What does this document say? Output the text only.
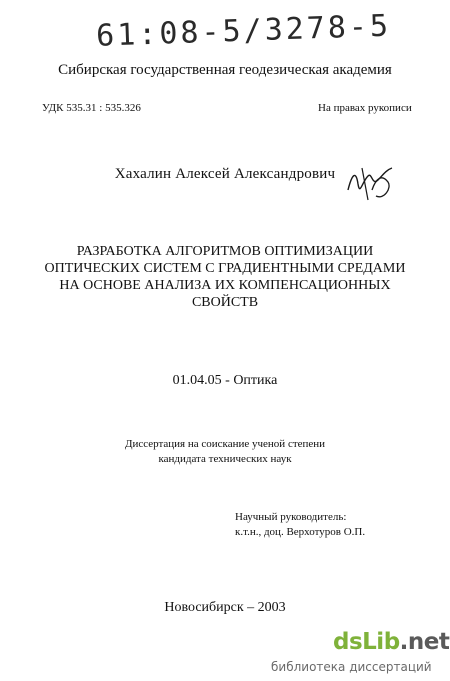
61:08-5/3278-5
Сибирская государственная геодезическая академия
УДК 535.31 : 535.326	На правах рукописи
Хахалин Алексей Александрович
РАЗРАБОТКА АЛГОРИТМОВ ОПТИМИЗАЦИИ
ОПТИЧЕСКИХ СИСТЕМ С ГРАДИЕНТНЫМИ СРЕДАМИ
НА ОСНОВЕ АНАЛИЗА ИХ КОМПЕНСАЦИОННЫХ
СВОЙСТВ
01.04.05 - Оптика
Диссертация на соискание ученой степени
кандидата технических наук
Научный руководитель:
к.т.н., доц. Верхотуров О.П.
Новосибирск – 2003
dsLib.net
библиотека диссертаций
